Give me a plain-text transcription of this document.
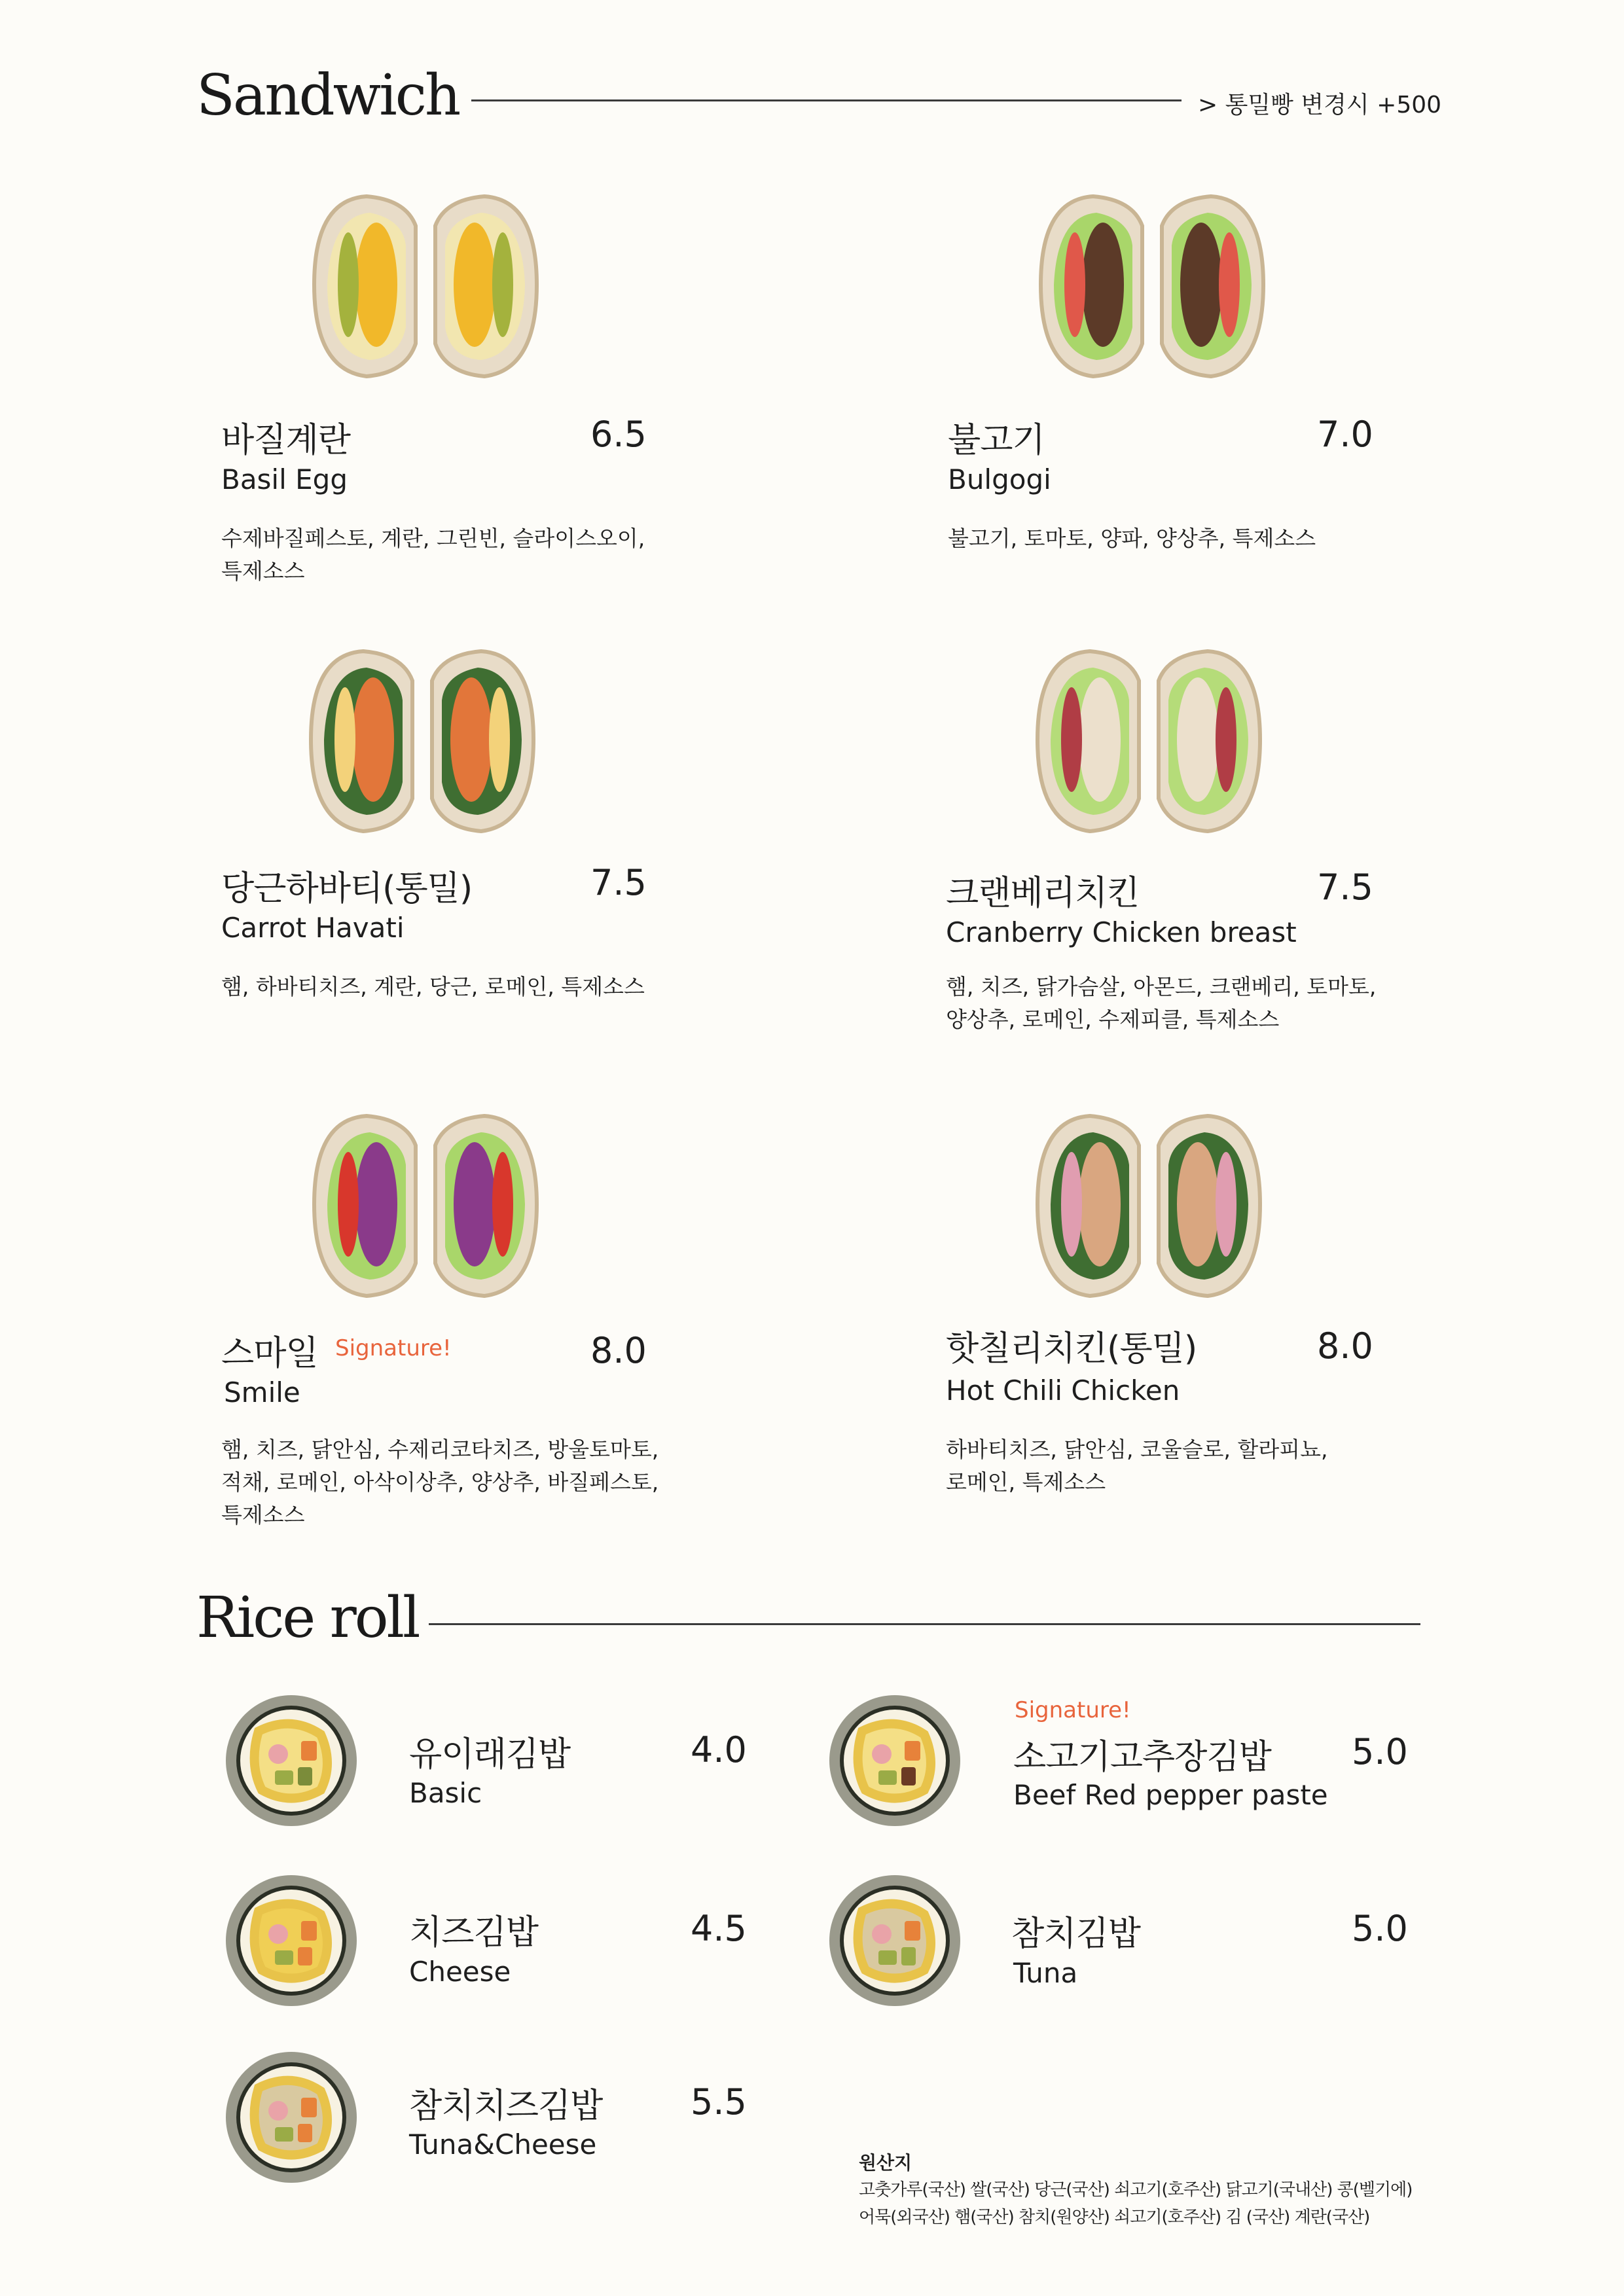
Sandwich	> 통밀빵 변경시 +500
바질계란	6.5
Basil Egg
수제바질페스토, 계란, 그린빈, 슬라이스오이,
특제소스
불고기	7.0
Bulgogi
불고기, 토마토, 양파, 양상추, 특제소스
당근하바티(통밀)	7.5
Carrot Havati
햄, 하바티치즈, 계란, 당근, 로메인, 특제소스
크랜베리치킨	7.5
Cranberry Chicken breast
햄, 치즈, 닭가슴살, 아몬드, 크랜베리, 토마토,
양상추, 로메인, 수제피클, 특제소스
스마일 Signature!	8.0
Smile
햄, 치즈, 닭안심, 수제리코타치즈, 방울토마토,
적채, 로메인, 아삭이상추, 양상추, 바질페스토,
특제소스
핫칠리치킨(통밀)	8.0
Hot Chili Chicken
하바티치즈, 닭안심, 코울슬로, 할라피뇨,
로메인, 특제소스
Rice roll
유이래김밥	4.0
Basic
Signature!
소고기고추장김밥 5.0
Beef Red pepper paste
치즈김밥	4.5
Cheese
참치김밥	5.0
Tuna
참치치즈김밥 5.5
Tuna&Cheese
원산지
고춧가루(국산) 쌀(국산) 당근(국산) 쇠고기(호주산) 닭고기(국내산) 콩(벨기에)
어묵(외국산) 햄(국산) 참치(원양산) 쇠고기(호주산) 김 (국산) 계란(국산)
